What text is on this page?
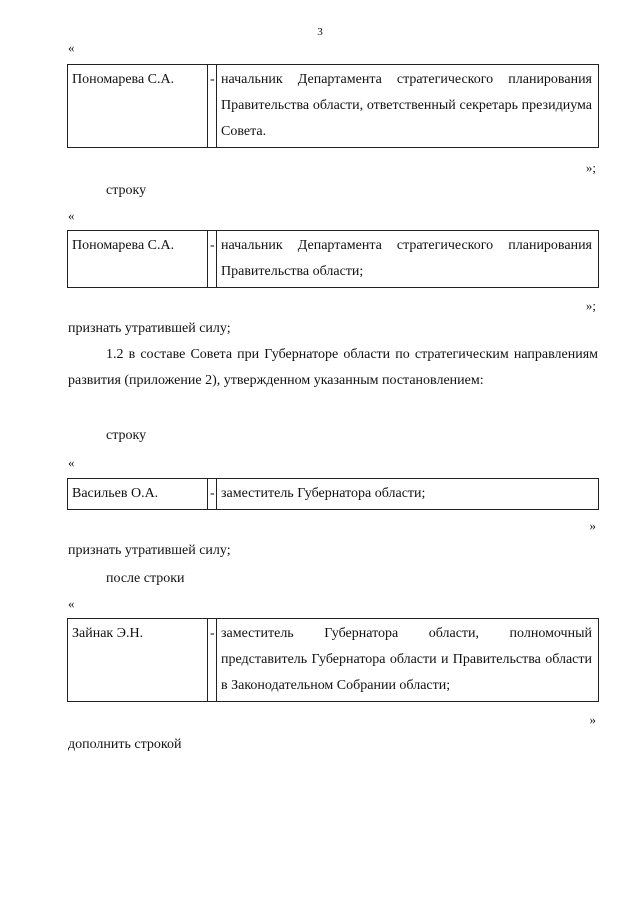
3
«
Пономарева С.А.	-	начальник Департамента стратегического планирования Правительства области, ответственный секретарь президиума Совета.
»;
строку
«
Пономарева С.А.	-	начальник Департамента стратегического планирования Правительства области;
»;
признать утратившей силу;
1.2 в составе Совета при Губернаторе области по стратегическим направлениям развития (приложение 2), утвержденном указанным постановлением:
строку
«
Васильев О.А.	-	заместитель Губернатора области;
»
признать утратившей силу;
после строки
«
Зайнак Э.Н.	-	заместитель Губернатора области, полномочный представитель Губернатора области и Правительства области в Законодательном Собрании области;
»
дополнить строкой
